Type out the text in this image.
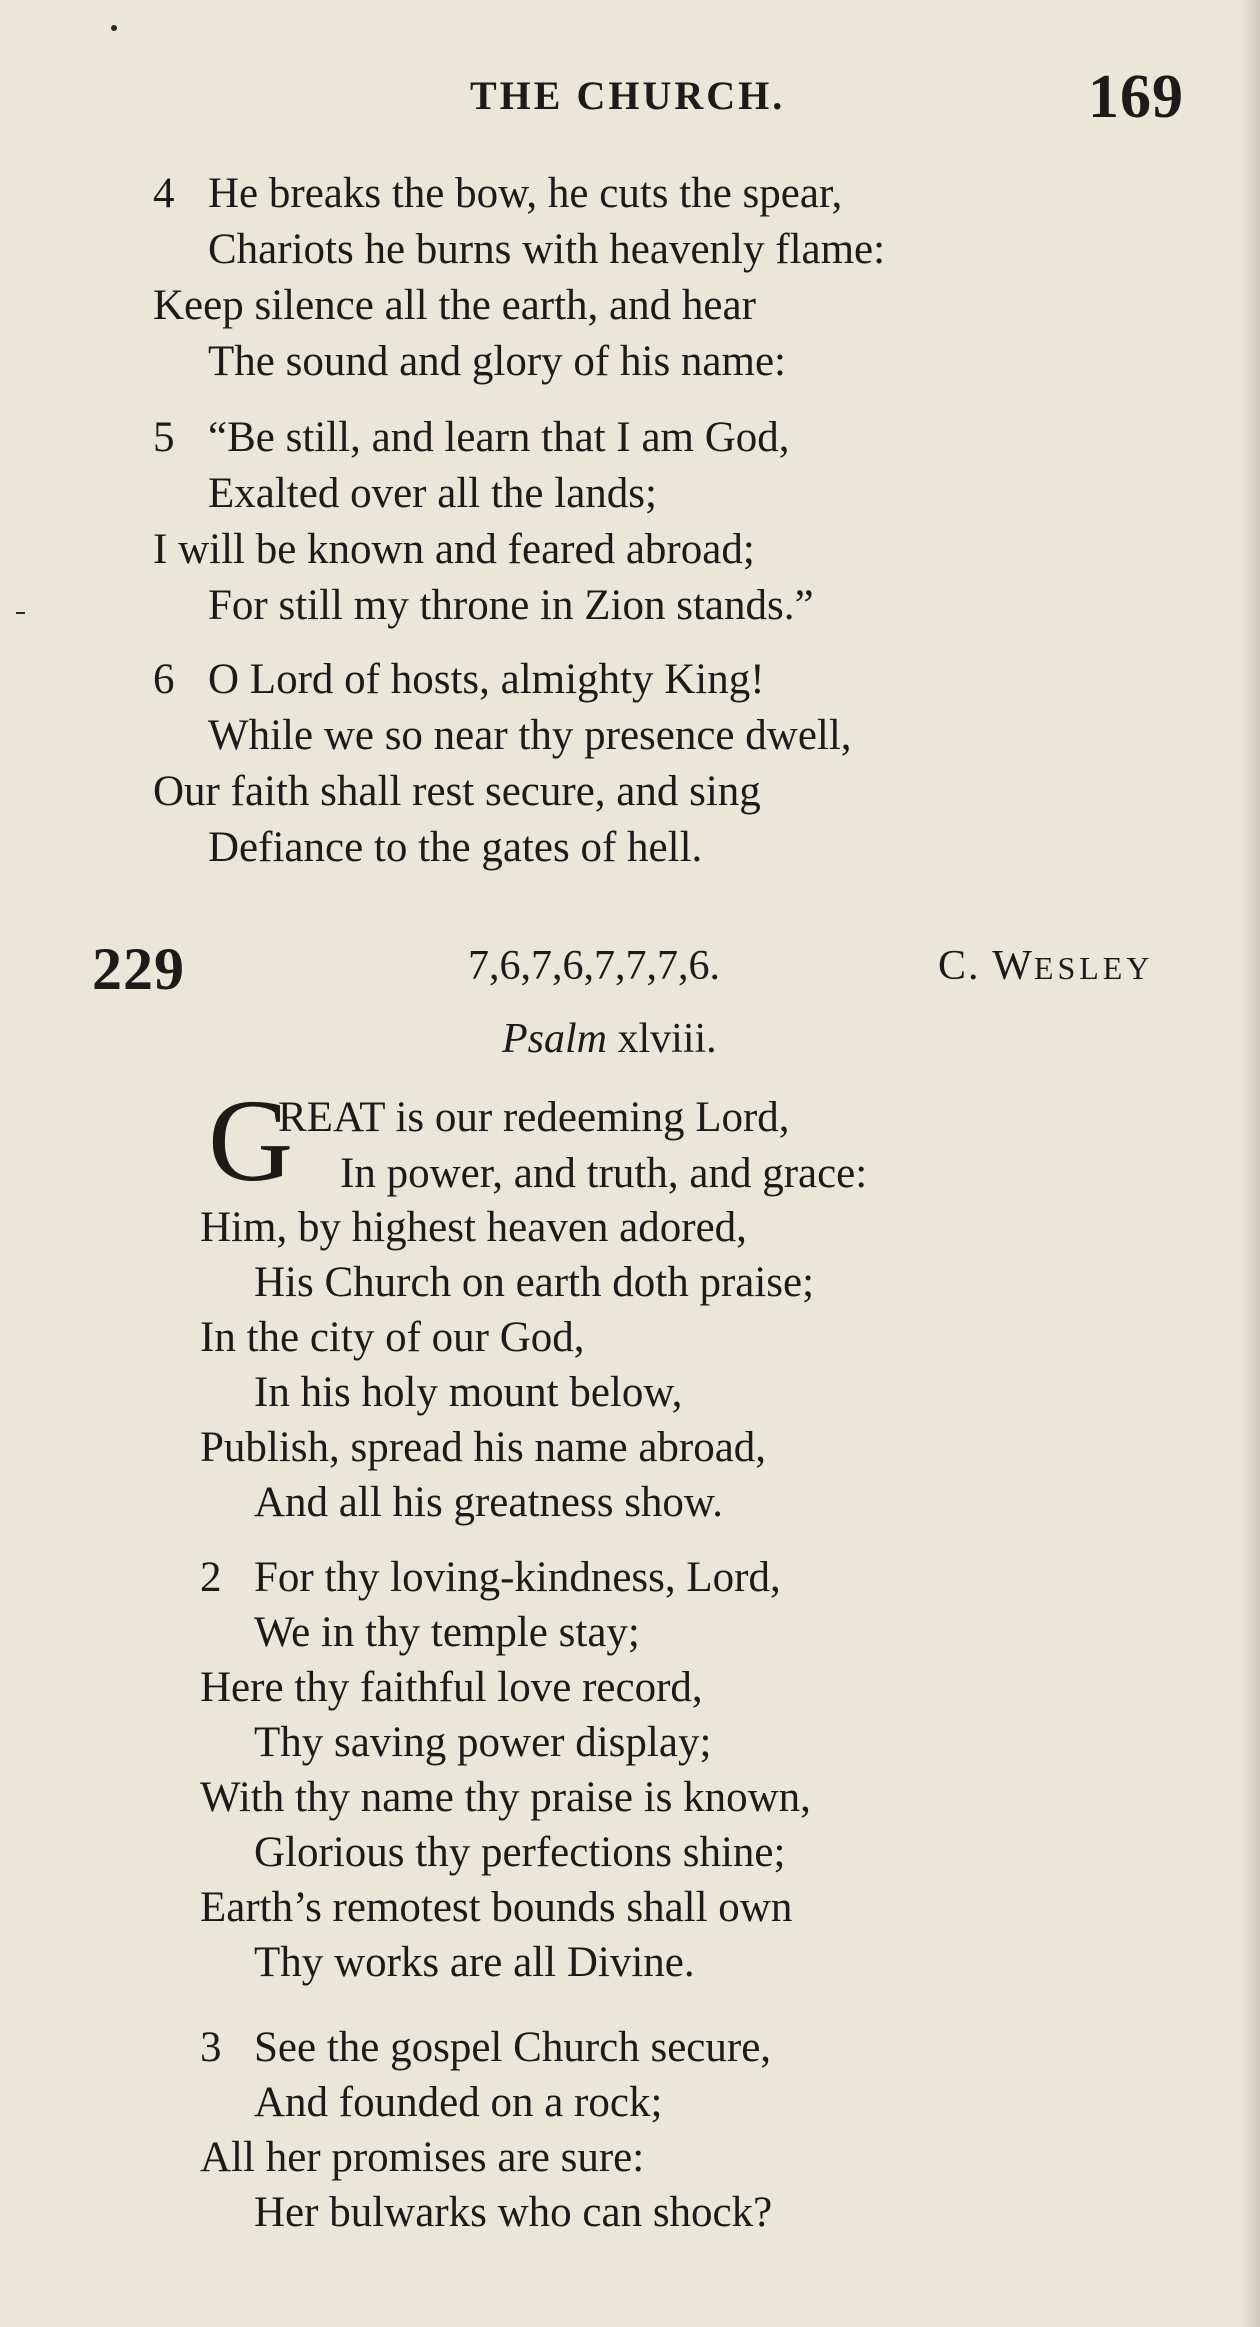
THE CHURCH.	169
4 He breaks the bow, he cuts the spear,
Chariots he burns with heavenly flame:
Keep silence all the earth, and hear
The sound and glory of his name:
5 “Be still, and learn that I am God,
Exalted over all the lands;
I will be known and feared abroad;
For still my throne in Zion stands.”
6 O Lord of hosts, almighty King!
While we so near thy presence dwell,
Our faith shall rest secure, and sing
Defiance to the gates of hell.
229	7,6,7,6,7,7,7,6.	C. WESLEY
Psalm xlviii.
G
REAT is our redeeming Lord,
In power, and truth, and grace:
Him, by highest heaven adored,
His Church on earth doth praise;
In the city of our God,
In his holy mount below,
Publish, spread his name abroad,
And all his greatness show.
2 For thy loving-kindness, Lord,
We in thy temple stay;
Here thy faithful love record,
Thy saving power display;
With thy name thy praise is known,
Glorious thy perfections shine;
Earth’s remotest bounds shall own
Thy works are all Divine.
3 See the gospel Church secure,
And founded on a rock;
All her promises are sure:
Her bulwarks who can shock?
